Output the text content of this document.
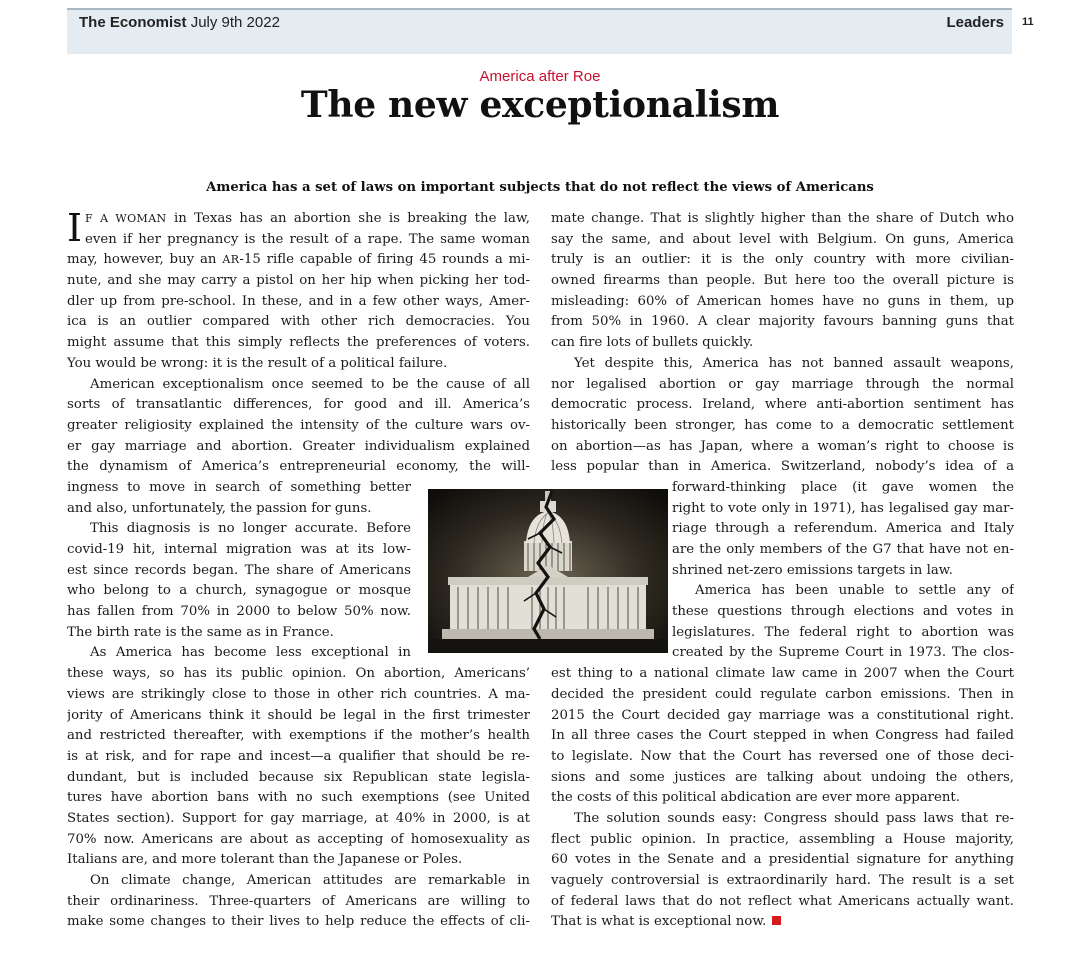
The Economist July 9th 2022	Leaders 11
America after Roe
The new exceptionalism
America has a set of laws on important subjects that do not reflect the views of Americans
I F A WOMAN in Texas has an abortion she is breaking the law,
even if her pregnancy is the result of a rape. The same woman
may, however, buy an AR-15 rifle capable of firing 45 rounds a mi-
nute, and she may carry a pistol on her hip when picking her tod-
dler up from pre-school. In these, and in a few other ways, Amer-
ica is an outlier compared with other rich democracies. You
might assume that this simply reflects the preferences of voters.
You would be wrong: it is the result of a political failure.
American exceptionalism once seemed to be the cause of all
sorts of transatlantic differences, for good and ill. America’s
greater religiosity explained the intensity of the culture wars ov-
er gay marriage and abortion. Greater individualism explained
the dynamism of America’s entrepreneurial economy, the will-
ingness to move in search of something better
and also, unfortunately, the passion for guns.
This diagnosis is no longer accurate. Before
covid-19 hit, internal migration was at its low-
est since records began. The share of Americans
who belong to a church, synagogue or mosque
has fallen from 70% in 2000 to below 50% now.
The birth rate is the same as in France.
As America has become less exceptional in
these ways, so has its public opinion. On abortion, Americans’
views are strikingly close to those in other rich countries. A ma-
jority of Americans think it should be legal in the first trimester
and restricted thereafter, with exemptions if the mother’s health
is at risk, and for rape and incest—a qualifier that should be re-
dundant, but is included because six Republican state legisla-
tures have abortion bans with no such exemptions (see United
States section). Support for gay marriage, at 40% in 2000, is at
70% now. Americans are about as accepting of homosexuality as
Italians are, and more tolerant than the Japanese or Poles.
On climate change, American attitudes are remarkable in
their ordinariness. Three-quarters of Americans are willing to
make some changes to their lives to help reduce the effects of cli-
mate change. That is slightly higher than the share of Dutch who
say the same, and about level with Belgium. On guns, America
truly is an outlier: it is the only country with more civilian-
owned firearms than people. But here too the overall picture is
misleading: 60% of American homes have no guns in them, up
from 50% in 1960. A clear majority favours banning guns that
can fire lots of bullets quickly.
Yet despite this, America has not banned assault weapons,
nor legalised abortion or gay marriage through the normal
democratic process. Ireland, where anti-abortion sentiment has
historically been stronger, has come to a democratic settlement
on abortion—as has Japan, where a woman’s right to choose is
less popular than in America. Switzerland, nobody’s idea of a
forward-thinking place (it gave women the
right to vote only in 1971), has legalised gay mar-
riage through a referendum. America and Italy
are the only members of the G7 that have not en-
shrined net-zero emissions targets in law.
America has been unable to settle any of
these questions through elections and votes in
legislatures. The federal right to abortion was
created by the Supreme Court in 1973. The clos-
est thing to a national climate law came in 2007 when the Court
decided the president could regulate carbon emissions. Then in
2015 the Court decided gay marriage was a constitutional right.
In all three cases the Court stepped in when Congress had failed
to legislate. Now that the Court has reversed one of those deci-
sions and some justices are talking about undoing the others,
the costs of this political abdication are ever more apparent.
The solution sounds easy: Congress should pass laws that re-
flect public opinion. In practice, assembling a House majority,
60 votes in the Senate and a presidential signature for anything
vaguely controversial is extraordinarily hard. The result is a set
of federal laws that do not reflect what Americans actually want.
That is what is exceptional now.
